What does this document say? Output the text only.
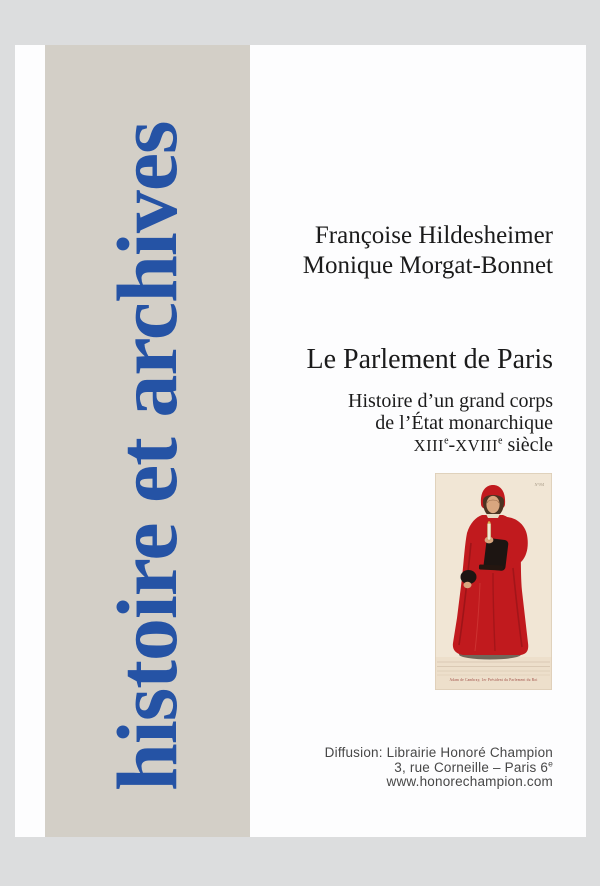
histoire et archives	Françoise Hildesheimer
Monique Morgat-Bonnet
Le Parlement de Paris
Histoire d’un grand corps
de l’État monarchique
XIIIe-XVIIIe siècle
N°84
Adam de Cambray, 1er Président du Parlement du Roi
Diffusion: Librairie Honoré Champion
3, rue Corneille – Paris 6e
www.honorechampion.com
